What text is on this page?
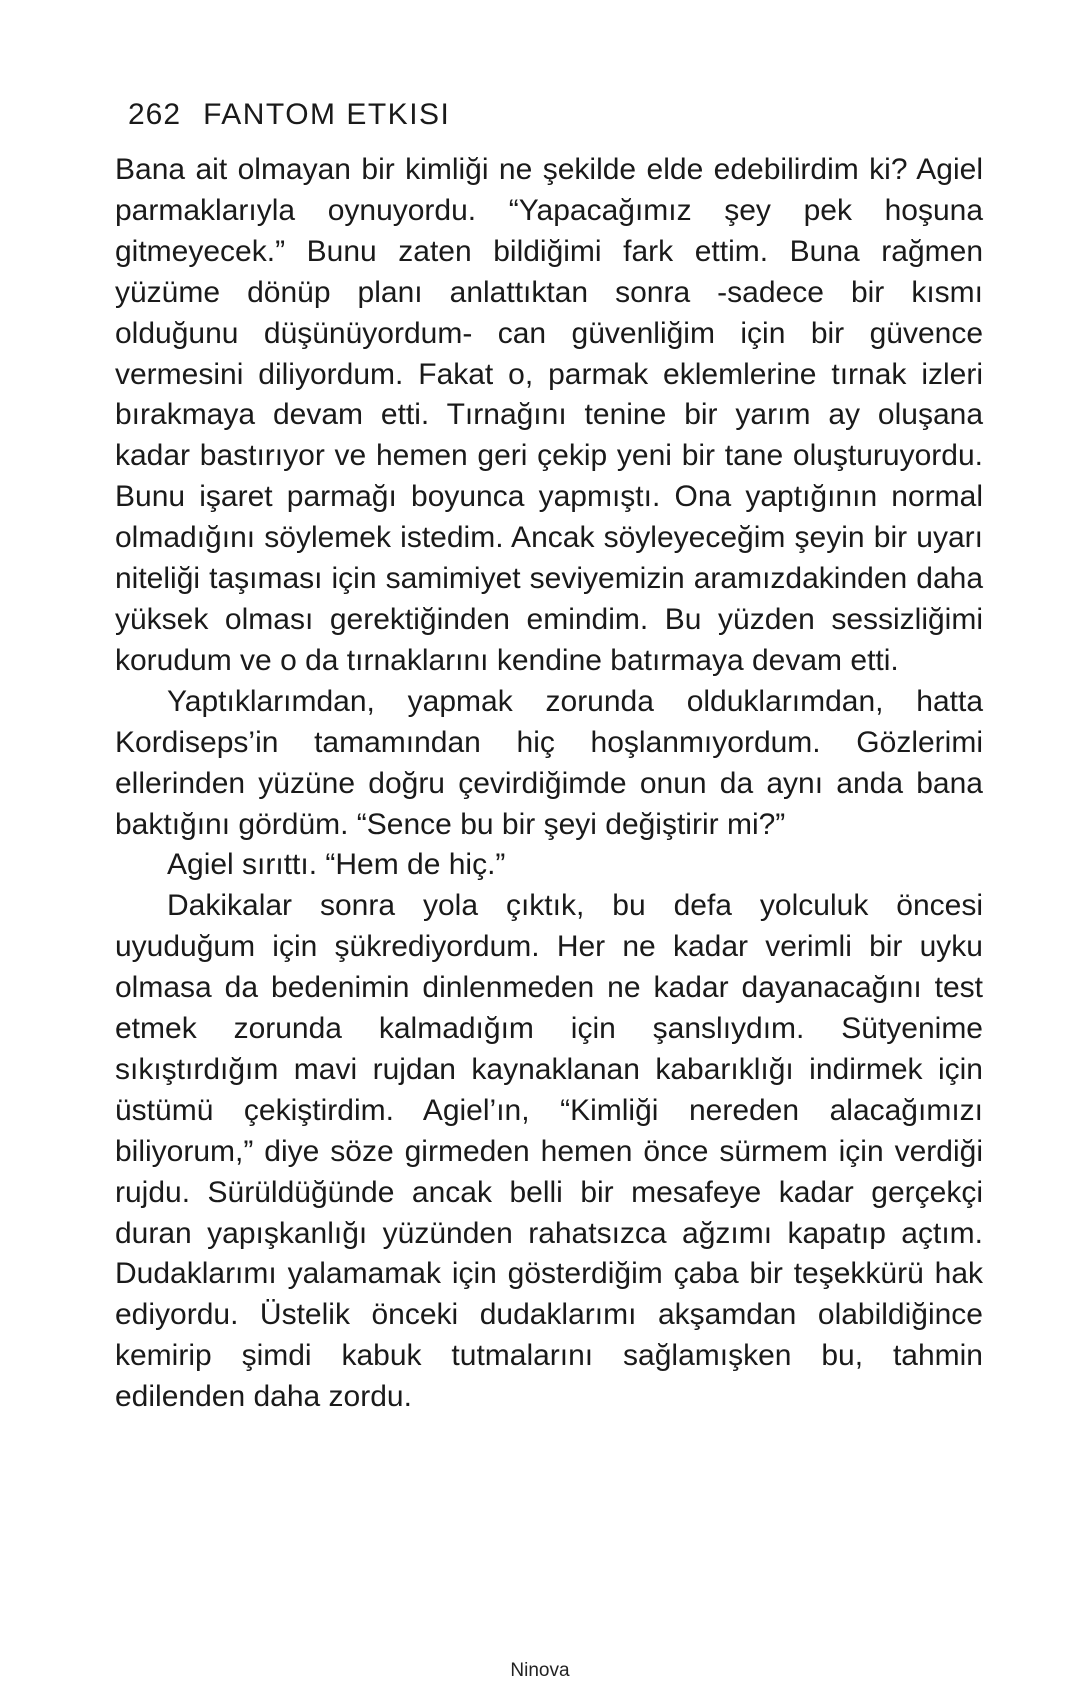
262 FANTOM ETKISI

Bana ait olmayan bir kimliği ne şekilde elde edebilirdim ki? Agiel parmaklarıyla oynuyordu. “Yapacağımız şey pek hoşuna gitmeyecek.” Bunu zaten bildiğimi fark ettim. Buna rağmen yüzüme dönüp planı anlattıktan sonra -sadece bir kısmı olduğunu düşünüyordum- can güvenliğim için bir güvence vermesini diliyordum. Fakat o, parmak eklemlerine tırnak izleri bırakmaya devam etti. Tırnağını tenine bir yarım ay oluşana kadar bastırıyor ve hemen geri çekip yeni bir tane oluşturuyordu. Bunu işaret parmağı boyunca yapmıştı. Ona yaptığının normal olmadığını söylemek istedim. Ancak söyleyeceğim şeyin bir uyarı niteliği taşıması için samimiyet seviyemizin aramızdakinden daha yüksek olması gerektiğinden emindim. Bu yüzden sessizliğimi korudum ve o da tırnaklarını kendine batırmaya devam etti.

Yaptıklarımdan, yapmak zorunda olduklarımdan, hatta Kordiseps’in tamamından hiç hoşlanmıyordum. Gözlerimi ellerinden yüzüne doğru çevirdiğimde onun da aynı anda bana baktığını gördüm. “Sence bu bir şeyi değiştirir mi?”

Agiel sırıttı. “Hem de hiç.”

Dakikalar sonra yola çıktık, bu defa yolculuk öncesi uyuduğum için şükrediyordum. Her ne kadar verimli bir uyku olmasa da bedenimin dinlenmeden ne kadar dayanacağını test etmek zorunda kalmadığım için şanslıydım. Sütyenime sıkıştırdığım mavi rujdan kaynaklanan kabarıklığı indirmek için üstümü çekiştirdim. Agiel’ın, “Kimliği nereden alacağımızı biliyorum,” diye söze girmeden hemen önce sürmem için verdiği rujdu. Sürüldüğünde ancak belli bir mesafeye kadar gerçekçi duran yapışkanlığı yüzünden rahatsızca ağzımı kapatıp açtım. Dudaklarımı yalamamak için gösterdiğim çaba bir teşekkürü hak ediyordu. Üstelik önceki dudaklarımı akşamdan olabildiğince kemirip şimdi kabuk tutmalarını sağlamışken bu, tahmin edilenden daha zordu.

Ninova
